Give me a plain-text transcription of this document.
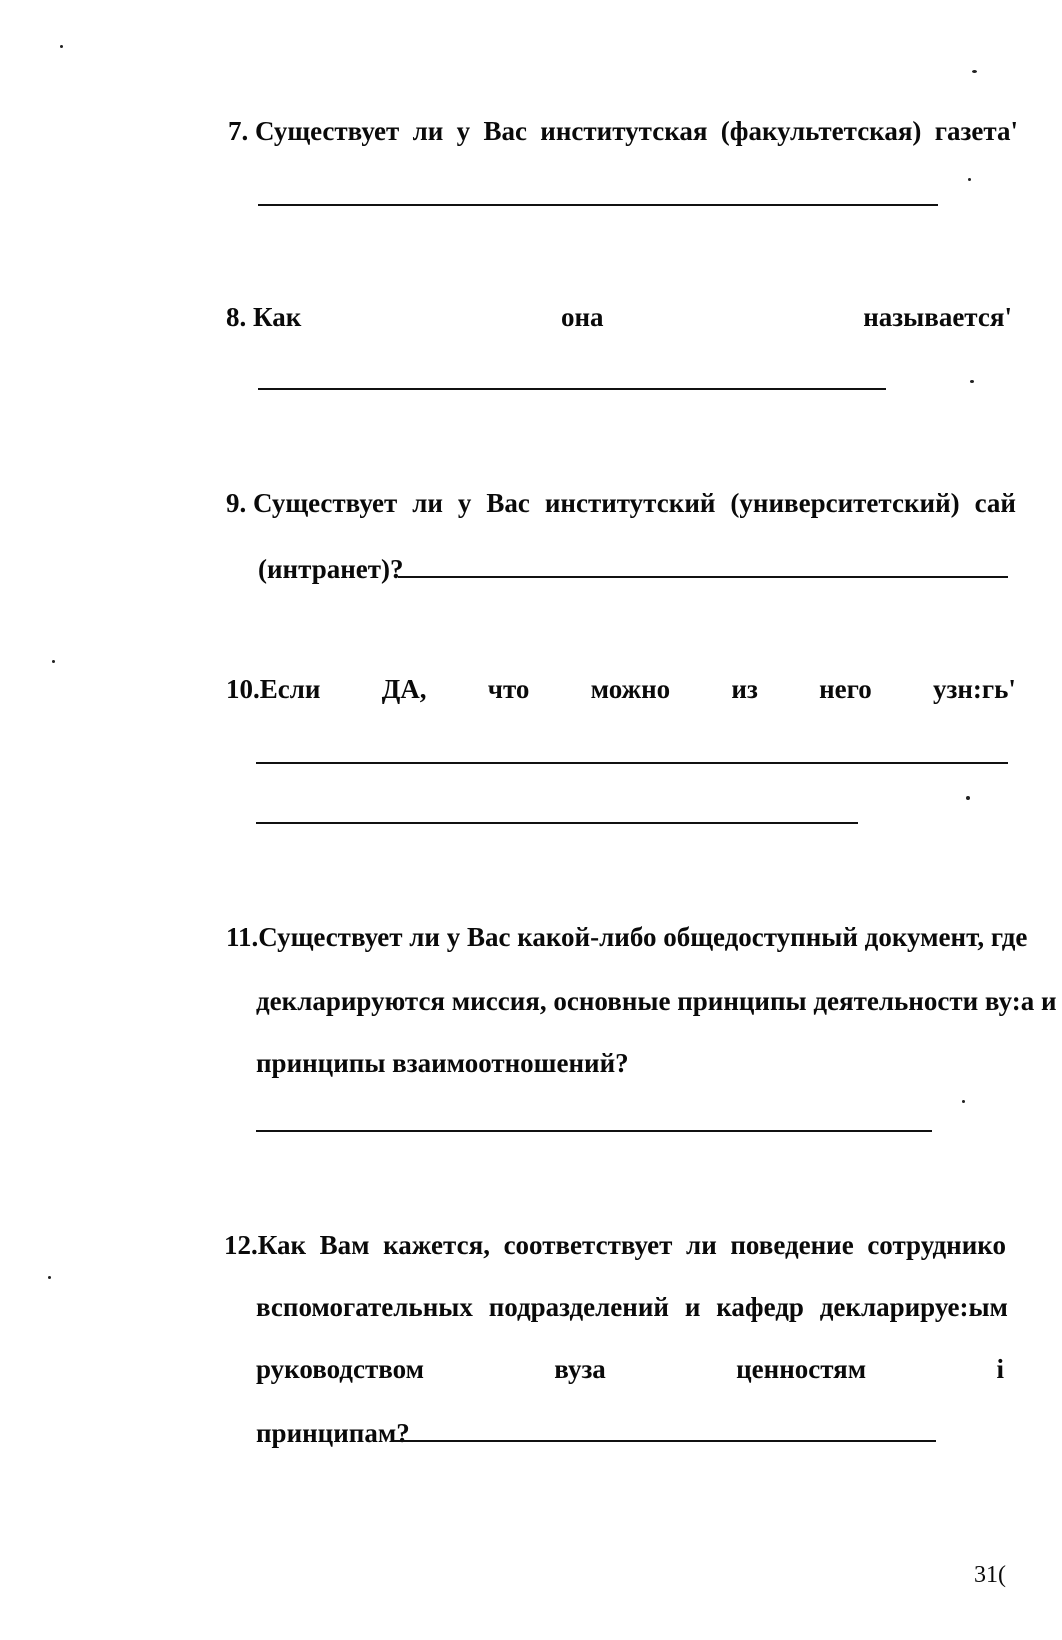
7. Существует ли у Вас институтская (факультетская) газета'
8. Как	она	называется'
9. Существует ли у Вас институтский (университетский) сай
(интранет)?
10.Если ДА, что можно из него узн:гь'
11.Существует ли у Вас какой-либо общедоступный документ, где
декларируются миссия, основные принципы деятельности ву:а и
принципы взаимоотношений?
12.Как Вам кажется, соответствует ли поведение сотруднико
вспомогательных подразделений и кафедр декларируе:ым
руководством	вуза	ценностям	і
принципам?
31(
